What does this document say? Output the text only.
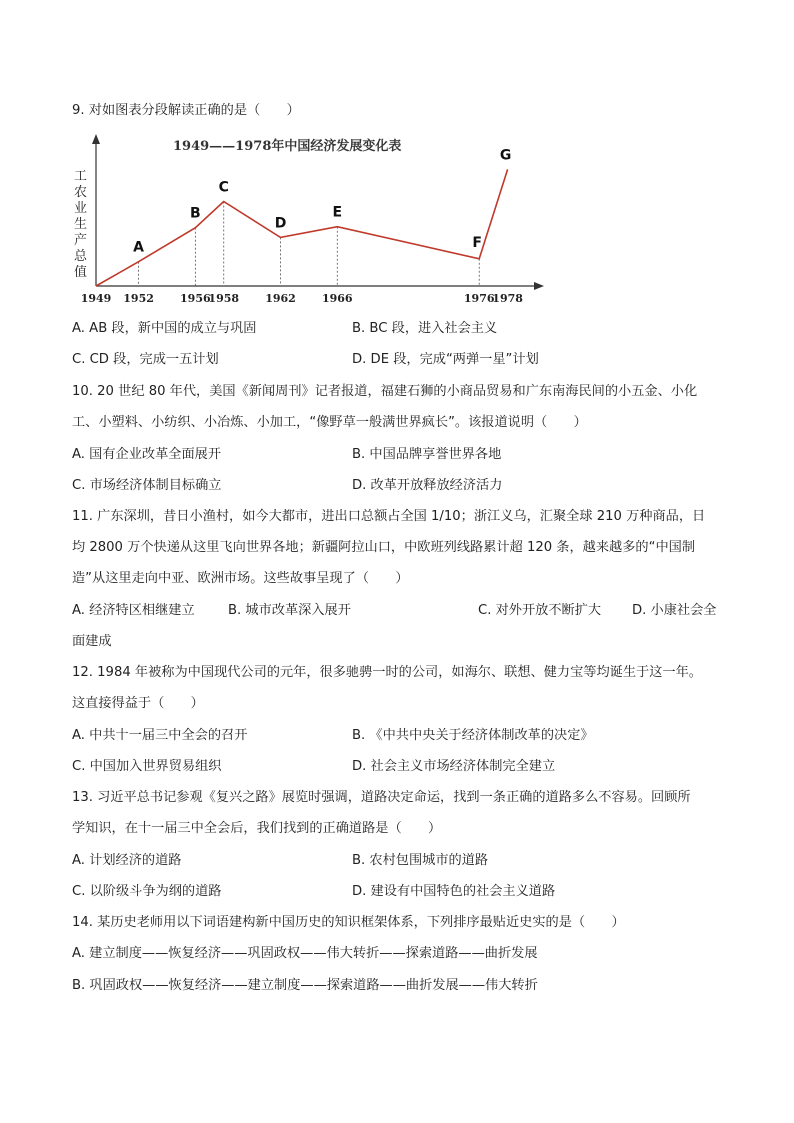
9. 对如图表分段解读正确的是（　　）
1949——1978年中国经济发展变化表
工
农
业
生
产
总
值
A
B
C
D
E
F
G
1949 1952 1956
1958 1962 1966	1976
1978
A. AB 段，新中国的成立与巩固	B. BC 段，进入社会主义
C. CD 段，完成一五计划	D. DE 段，完成“两弹一星”计划
10. 20 世纪 80 年代，美国《新闻周刊》记者报道，福建石狮的小商品贸易和广东南海民间的小五金、小化
工、小塑料、小纺织、小冶炼、小加工，“像野草一般满世界疯长”。该报道说明（　　）
A. 国有企业改革全面展开	B. 中国品牌享誉世界各地
C. 市场经济体制目标确立	D. 改革开放释放经济活力
11. 广东深圳，昔日小渔村，如今大都市，进出口总额占全国 1/10；浙江义乌，汇聚全球 210 万种商品，日
均 2800 万个快递从这里飞向世界各地；新疆阿拉山口，中欧班列线路累计超 120 条，越来越多的“中国制
造”从这里走向中亚、欧洲市场。这些故事呈现了（　　）
A. 经济特区相继建立	B. 城市改革深入展开	C. 对外开放不断扩大 D. 小康社会全
面建成
12. 1984 年被称为中国现代公司的元年，很多驰骋一时的公司，如海尔、联想、健力宝等均诞生于这一年。
这直接得益于（　　）
A. 中共十一届三中全会的召开	B. 《中共中央关于经济体制改革的决定》
C. 中国加入世界贸易组织	D. 社会主义市场经济体制完全建立
13. 习近平总书记参观《复兴之路》展览时强调，道路决定命运，找到一条正确的道路多么不容易。回顾所
学知识，在十一届三中全会后，我们找到的正确道路是（　　）
A. 计划经济的道路	B. 农村包围城市的道路
C. 以阶级斗争为纲的道路	D. 建设有中国特色的社会主义道路
14. 某历史老师用以下词语建构新中国历史的知识框架体系，下列排序最贴近史实的是（　　）
A. 建立制度——恢复经济——巩固政权——伟大转折——探索道路——曲折发展
B. 巩固政权——恢复经济——建立制度——探索道路——曲折发展——伟大转折
